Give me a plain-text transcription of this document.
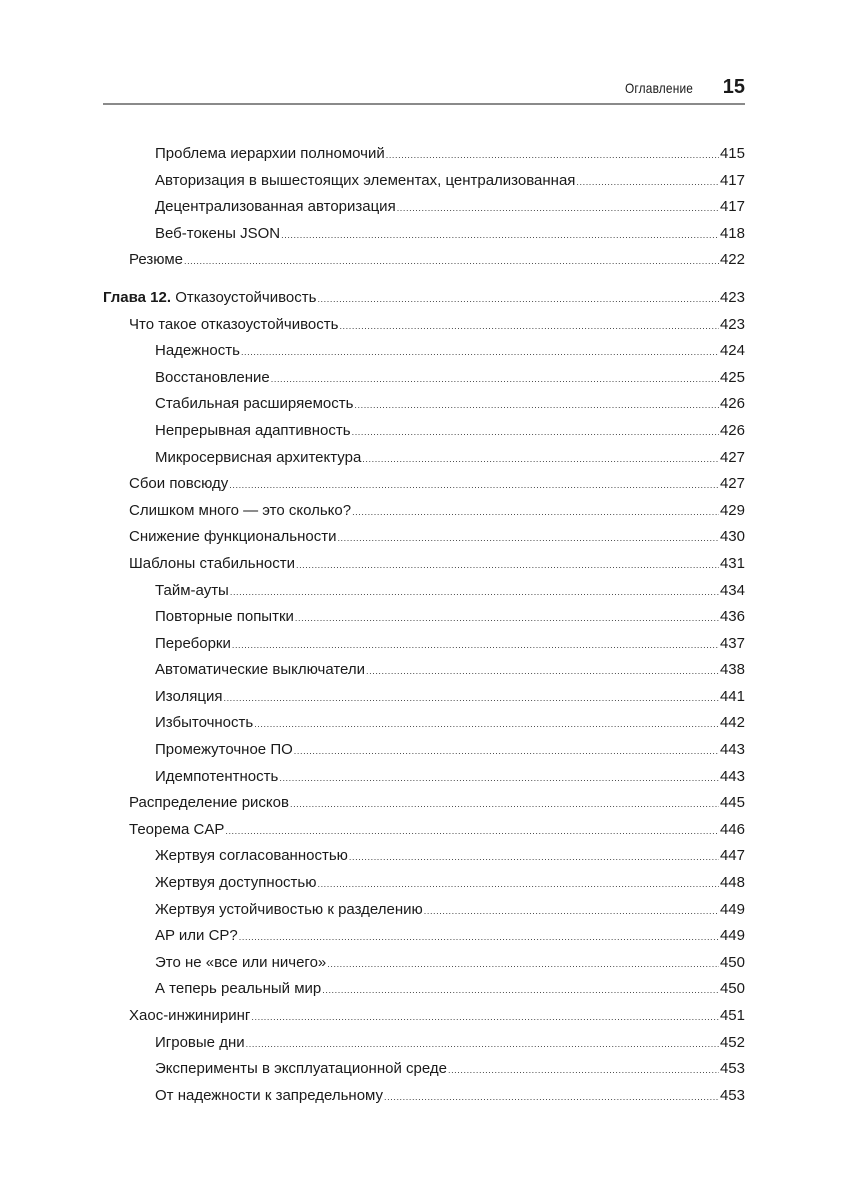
Оглавление 15
Проблема иерархии полномочий .....	415
Авторизация в вышестоящих элементах, централизованная .....	417
Децентрализованная авторизация .....	417
Веб-токены JSON .....	418
Резюме .....	422
Глава 12. Отказоустойчивость .....	423
Что такое отказоустойчивость .....	423
Надежность .....	424
Восстановление .....	425
Стабильная расширяемость .....	426
Непрерывная адаптивность .....	426
Микросервисная архитектура .....	427
Сбои повсюду .....	427
Слишком много — это сколько? .....	429
Снижение функциональности .....	430
Шаблоны стабильности .....	431
Тайм-ауты .....	434
Повторные попытки .....	436
Переборки .....	437
Автоматические выключатели .....	438
Изоляция .....	441
Избыточность .....	442
Промежуточное ПО .....	443
Идемпотентность .....	443
Распределение рисков .....	445
Теорема CAP .....	446
Жертвуя согласованностью .....	447
Жертвуя доступностью .....	448
Жертвуя устойчивостью к разделению .....	449
AP или CP? .....	449
Это не «все или ничего» .....	450
А теперь реальный мир .....	450
Хаос-инжиниринг .....	451
Игровые дни .....	452
Эксперименты в эксплуатационной среде .....	453
От надежности к запредельному .....	453
